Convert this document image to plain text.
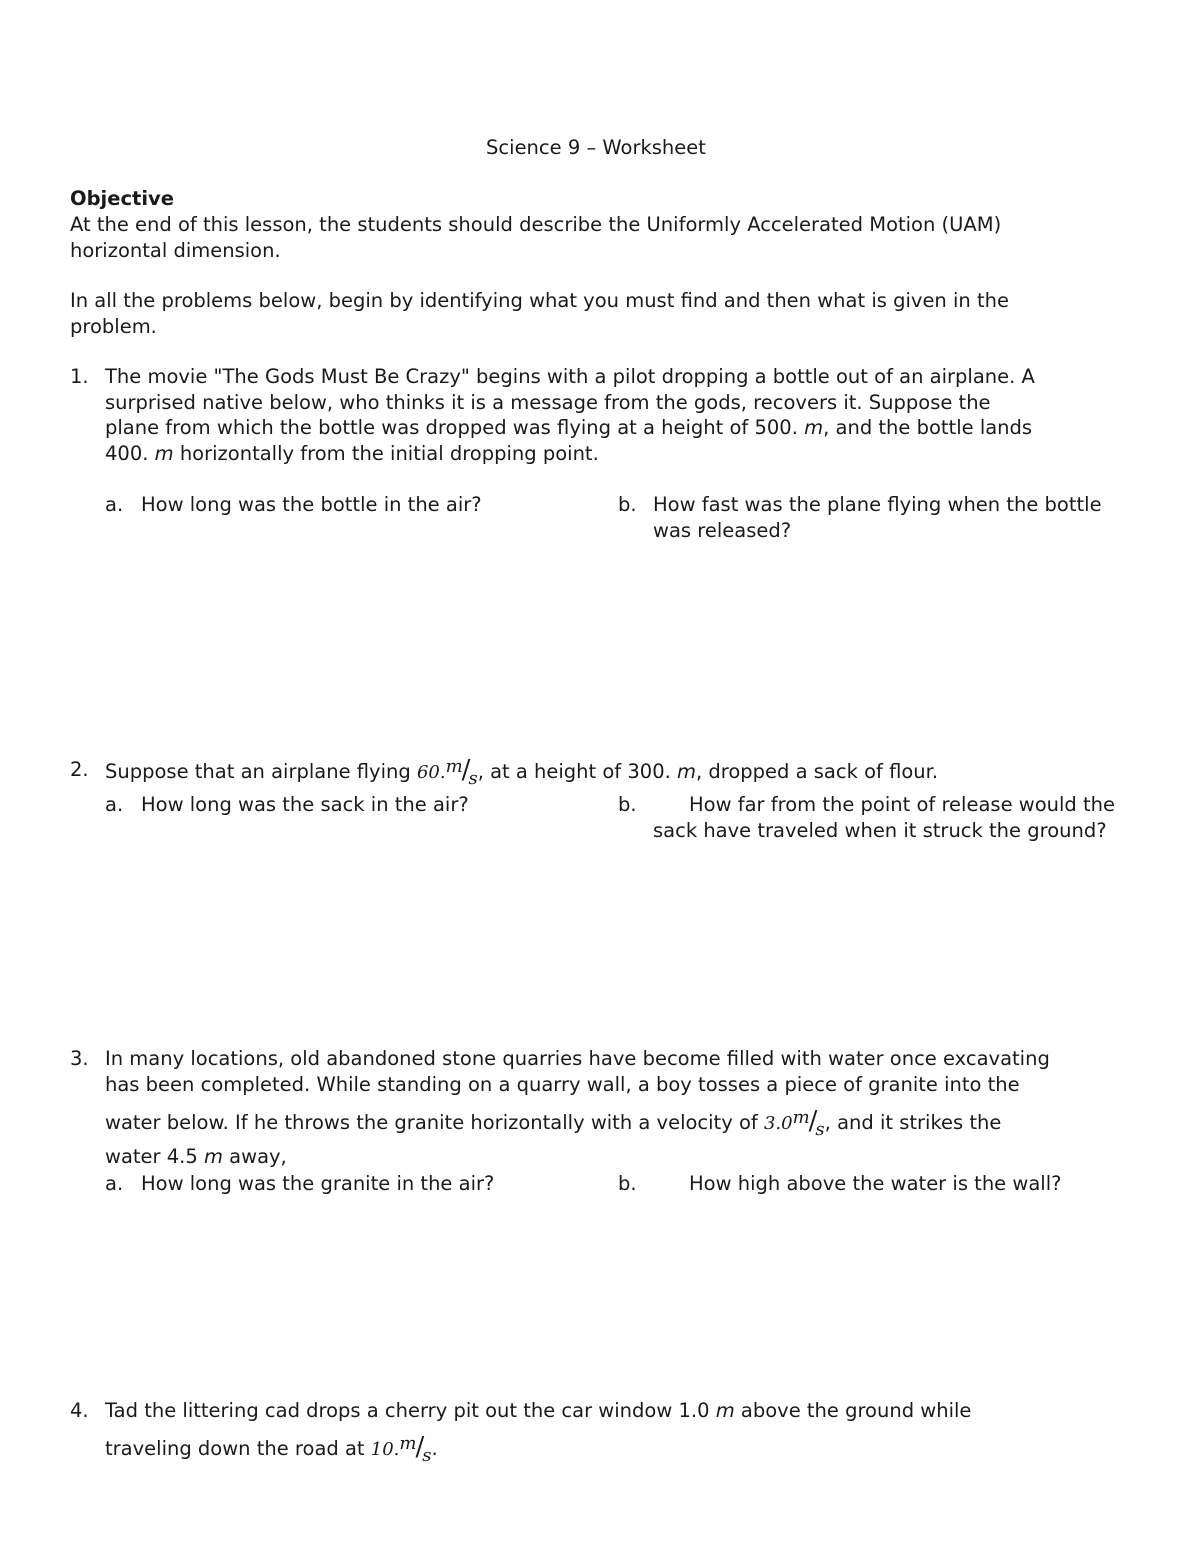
Science 9 – Worksheet
Objective
At the end of this lesson, the students should describe the Uniformly Accelerated Motion (UAM)
horizontal dimension.
In all the problems below, begin by identifying what you must find and then what is given in the
problem.
1. The movie "The Gods Must Be Crazy" begins with a pilot dropping a bottle out of an airplane. A
surprised native below, who thinks it is a message from the gods, recovers it. Suppose the
plane from which the bottle was dropped was flying at a height of 500. m, and the bottle lands
400. m horizontally from the initial dropping point.
a. How long was the bottle in the air?	b. How fast was the plane flying when the bottle
was released?
2. Suppose that an airplane flying 60.m/s, at a height of 300. m, dropped a sack of flour.
a. How long was the sack in the air?	b.	How far from the point of release would the
sack have traveled when it struck the ground?
3. In many locations, old abandoned stone quarries have become filled with water once excavating
has been completed. While standing on a quarry wall, a boy tosses a piece of granite into the
water below. If he throws the granite horizontally with a velocity of 3.0m/s, and it strikes the
water 4.5 m away,
a. How long was the granite in the air?	b.	How high above the water is the wall?
4. Tad the littering cad drops a cherry pit out the car window 1.0 m above the ground while
traveling down the road at 10.m/s.
